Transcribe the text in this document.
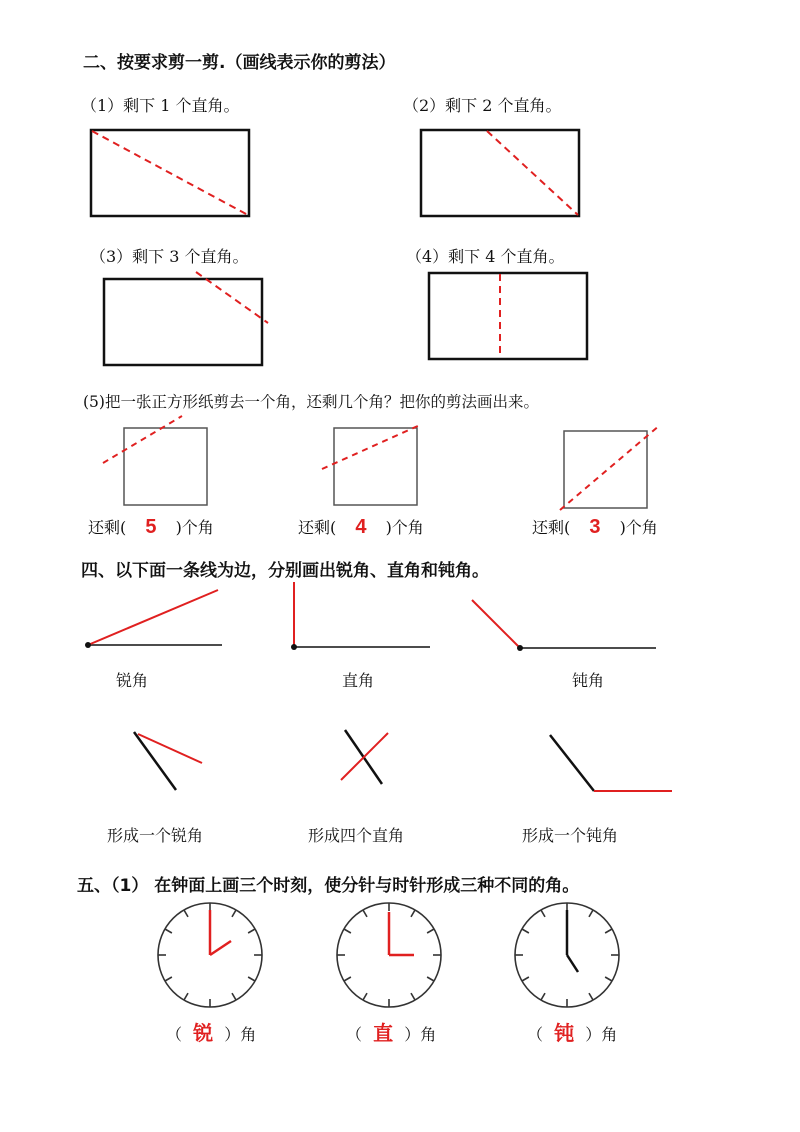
二、按要求剪一剪.（画线表示你的剪法）
（1）剩下 1 个直角。	（2）剩下 2 个直角。
（3）剩下 3 个直角。	（4）剩下 4 个直角。
(5)把一张正方形纸剪去一个角，还剩几个角？把你的剪法画出来。
还剩( 5 )个角	还剩( 4 )个角	还剩( 3 )个角
四、以下面一条线为边，分别画出锐角、直角和钝角。
锐角	直角	钝角
形成一个锐角	形成四个直角	形成一个钝角
五、（1） 在钟面上画三个时刻，使分针与时针形成三种不同的角。
（ 锐 ）角	（ 直 ）角	（ 钝 ）角
